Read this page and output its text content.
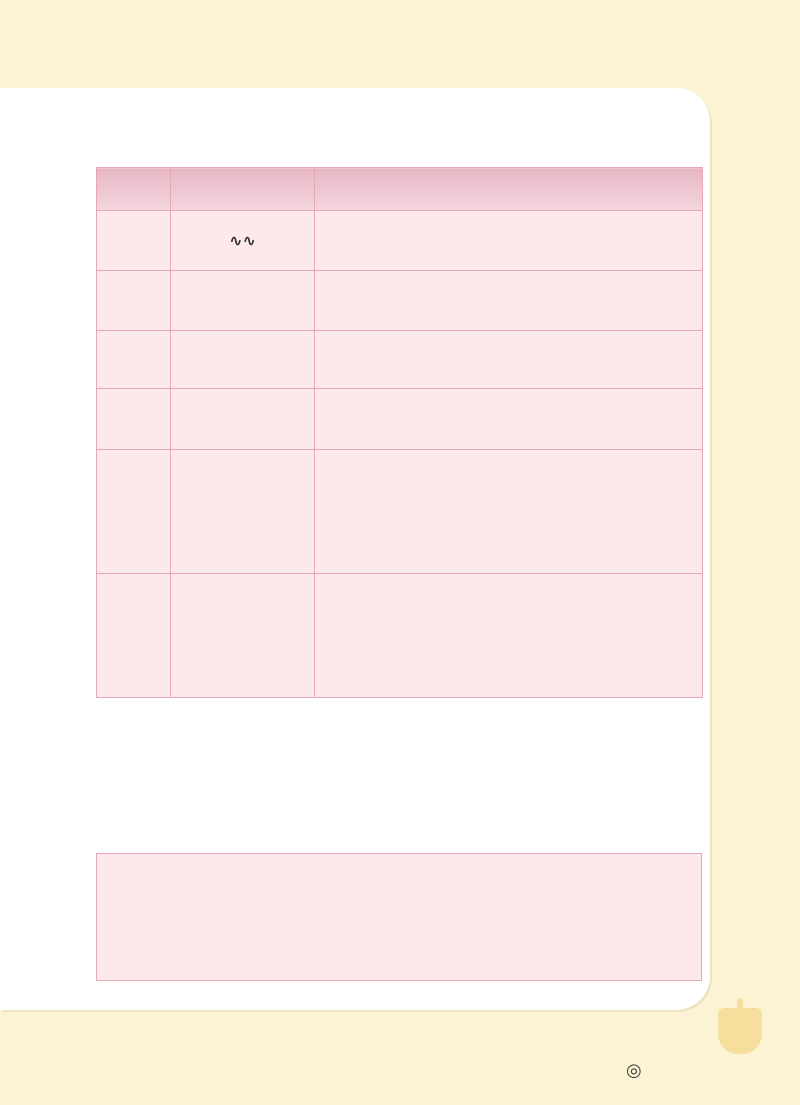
	∿∿	

◎
